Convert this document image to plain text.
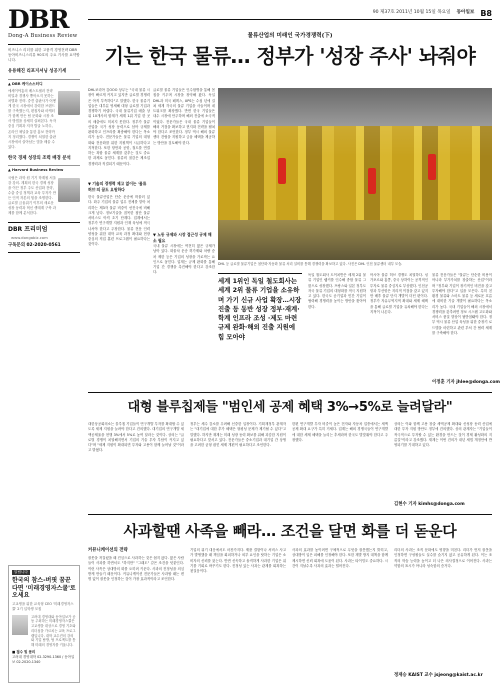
DBR
Dong-A Business Review
비즈니스 리더를 위한 고품격 경영전략 DBR 동아비즈니스리뷰 90호의 주요 기사를 요약합니다.
유용해진 리포지셔닝 성공기세
▲ DBR 케이스스터디
에세이야흥의 베스트셀러 전략 비밀과 경쟁사 쫓아오지 못하는 차별화 전략. 중견 출판사가 어떻게 한국 시장에서 강력한 브랜드를 구축했는지, 편집자와 마케터가 함께 만든 팀 문화와 시장 조사 방법을 상세히 살펴본다. 독자 중심 기획과 저자 발굴 노하우, 온라인 채널을 통한 홍보 전략까지 정리했다. 경쟁이 치열한 출판 시장에서 살아남는 법을 배울 수 있다.
한국 경제 성장의 조력 배경 분석
▲ Harvard Business Review
국립은 과학 원 기기 학계원 서울 강 강의. 계획의 한국 경제 성장을 이끈 정부 주도 산업화 전략, 수출 중심 정책과 교육 투자가 만든 인적 자본의 힘을 조명한다. 글로벌 금융위기 이후의 새로운 성장 동력과 혁신 생태계 구축 과제를 함께 분석한다.
DBR 프리미엄 www.dongabiz.com
구독문의 02-2020-0561
알립니다
한국의 참스-버핏 꿈꾼다면 '미래경영자스쿨'로 오세요
고교생을 위한 교육형 CEO '미래경영자스쿨' 2기 입학생 모집
고려대 경영대와 동아일보가 공동 주최하는 미래경영자스쿨은 고교생을 대상으로 경영 기초와 리더십을 가르치는 교육 프로그램입니다. 대학 교수진의 강의와 기업 탐방, 팀 프로젝트를 통해 미래의 경영자를 키웁니다.
■ 접수 및 문의
고려대 경영대학 02-3290-1360 / 동아일보 02-2020-1340
90 제37호 2011년 10월 15일 목요일 동아일보 B8
물류산업의 미래인 국가경쟁력(下)
기는 한국 물류… 정부가 '성장 주사' 놔줘야
DHL코리아 김ООО 상무는 "국내 물류 시장이 빠르게 커지고 있지만 글로벌 경쟁력은 아직 부족하다"고 말했다. 한국 물류기업들은 대부분 영세해 대형 글로벌 기업과 경쟁하기 어렵다. 국내 물류기업 매출 상위 10개사의 합계가 세계 1위 기업 한 곳의 매출에도 미치지 못한다. 정부가 물류 산업을 국가 성장 동력으로 삼아 규제를 완화하고 인프라를 확충해야 한다는 목소리가 높다. 전문가들은 물류 기업의 대형화와 전문화를 위한 지원책이 시급하다고 지적한다. 또한 항만과 공항, 철도를 연결하는 복합 물류 체계를 갖추는 것도 중요한 과제로 꼽힌다. 물류비 절감은 제조업 경쟁력과 직결되기 때문이다.
▼ 기술의 경쟁력 제고 없이는 '물류 허브'의 꿈도 요원하다
한국 물류산업은 단순 운송에 머물러 있다. 화주 기업의 물류 업무 전체를 맡아 처리하는 제3자 물류 비중이 선진국에 비해 크게 낮다. 정보기술을 접목한 첨단 물류 서비스도 아직 초기 단계다. 업계에서는 정부가 연구개발 지원과 인재 육성에 적극 나서야 한다고 주장한다. 물류 전문 인력 양성을 위한 대학 교육 과정 확대와 현장 중심의 직업 훈련 프로그램이 필요하다는 것이다.
글로벌 물류 기업들은 인수합병을 통해 몸집을 키우며 시장을 장악해 왔다. 독일 DHL과 미국 페덱스, UPS는 수십 년에 걸쳐 세계 각국의 물류 기업을 사들이며 네트워크를 확장했다. 반면 한국 기업들은 내수 시장에 안주하며 해외 진출에 소극적이었다. 전문가들은 국내 물류 기업들이 해외 거점을 확보하고 현지화 전략을 펼쳐야 한다고 조언한다. 정부 역시 해외 물류 센터 건립을 지원하고 금융 혜택을 제공하는 방안을 검토해야 한다.
▼ 노동 규제와 시장 접근성 규제 해소 필요
국내 물류 시장에는 여전히 많은 규제가 남아 있다. 화물차 운송 허가제와 차량 증차 제한 등은 기업의 성장을 가로막는 요인으로 꼽힌다. 업계는 규제 완화를 통해 기업 간 경쟁을 촉진해야 한다고 강조한다.
DHL 등 글로벌 물류기업은 첨단화·자동화 물류 처리 설비를 통해 경쟁력을 확보하고 있다. 사진은 DHL 인천 물류센터 내부 모습.
세계 1위인 독일 철도회사는 세계 2위 물류 기업을 소유하며 가기 신규 사업 확장…시장 진출 등 동반 성장 정부·재계·학계 인프라 조성 ·제도 마련 규제 완화·해외 진출 지원에 힘 모아야
독일 철도회사 도이치반은 세계 2위 물류 기업인 쉥커를 인수해 종합 물류 그룹으로 성장했다. 프랑스와 일본 정부도 자국 물류 기업의 대형화를 적극 지원하고 있다. 한국도 공기업과 민간 기업이 협력해 경쟁력을 높이는 방안을 찾아야 한다.
아시아 물류 허브 경쟁도 치열하다. 싱가포르와 홍콩, 중국 상하이는 공격적인 투자로 물류 중심지로 부상했다. 인천공항과 부산항은 지리적 이점을 갖고 있지만 배후 물류 단지 개발이 더딘 편이다. 정부가 자유무역지역 확대와 세제 혜택을 통해 글로벌 기업을 유치해야 한다는 지적이 나온다.
물류 전문가들은 "물류는 단순한 비용이 아니라 부가가치를 창출하는 산업"이라며 "정부와 기업이 장기적인 비전을 갖고 투자해야 한다"고 입을 모은다. 특히 친환경 물류와 스마트 물류 등 새로운 흐름에 대비한 기술 개발이 필요하다는 목소리가 높다. 국내 기업들이 해외 시장에서 경쟁력을 갖추려면 정보 시스템 고도화와 서비스 품질 향상이 뒷받침돼야 한다. 정부 역시 물류 산업 육성을 위한 중장기 로드맵을 마련하고 관련 부처 간 협력 체계를 구축해야 한다.
이정훈 기자 jhlee@donga.com
대형 블루칩제들 "범인세 공제 혜택 3%→5%로 늘려달라"
대한상공회의소는 블루칩 기업들이 연구개발 투자를 확대할 수 있도록 세제 지원을 늘려야 한다고 건의했다. 대기업의 연구개발 세액공제율을 현행 3%에서 5%로 높여 달라는 것이다. 상의는 "글로벌 경쟁이 치열해지면서 기업의 기술 투자 부담이 커지고 있다"며 "세제 지원이 확대되면 투자와 고용이 함께 늘어날 것"이라고 밝혔다.
정부는 세수 감소를 우려해 신중한 입장이다. 기획재정부 관계자는 "대기업에 대한 추가 혜택은 형평성 문제가 제기될 수 있다"고 말했다. 하지만 재계는 미래 성장 동력 확보를 위해 과감한 지원이 필요하다고 맞서고 있다. 전문가들은 중소기업과 대기업 간 상생을 고려한 균형 잡힌 세제 개편이 필요하다고 조언한다.
한편 연구개발 투자 비중이 높은 전자와 자동차 업종에서는 세액공제 확대 요구가 특히 거세다. 업계는 해외 경쟁국들이 연구개발에 대한 세제 혜택을 늘리는 추세라며 한국도 발맞춰야 한다고 주장했다.
상의는 이와 함께 고용 창출 세액공제 확대와 신성장 동력 산업에 대한 투자 지원 방안도 정부에 건의했다. 상의 관계자는 "기업들이 적극적으로 투자할 수 있는 환경을 만드는 것이 경제 활성화의 지름길"이라고 강조했다. 재계는 이번 건의가 내년 세법 개정안에 반영되기를 기대하고 있다.
김현수 기자 kimhs@donga.com
사과할땐 사족을 빼라… 조건을 달면 화를 더 돋운다
커뮤니케이션의 전략
잘못을 저질렀을 때 진심으로 사과하는 것은 쉽지 않다. 많은 사람들이 사과를 하면서도 "하지만" "그래도" 같은 조건을 덧붙인다. 이런 사족은 상대방의 화를 오히려 키운다. 사과의 진정성을 의심받게 만들기 때문이다. 커뮤니케이션 전문가들은 사과할 때는 변명 없이 잘못을 인정하는 것이 가장 효과적이라고 조언한다.
기업의 위기 대응에서도 마찬가지다. 제품 결함이나 서비스 사고가 발생했을 때 책임을 회피하거나 외부 요인을 탓하는 기업은 소비자의 신뢰를 잃는다. 반면 신속하고 솔직하게 사과한 기업은 위기를 기회로 바꾸기도 한다. 진정성 있는 사과는 관계를 회복하는 첫걸음이다.
사과의 효과를 높이려면 구체적으로 무엇을 잘못했는지 밝히고, 상대방이 입은 피해를 인정해야 한다. 또한 재발 방지 대책을 함께 제시하면 신뢰 회복에 도움이 된다. 사과는 타이밍도 중요하다. 시간이 지날수록 사과의 효과는 떨어진다.
리더의 사과는 조직 문화에도 영향을 미친다. 리더가 먼저 잘못을 인정하면 구성원들도 실수를 숨기지 않고 공유하게 된다. 이는 조직의 학습 능력을 높이고 더 나은 의사결정으로 이어진다. 사과는 약함의 표시가 아니라 성숙함의 증거다.
정재승 KAIST 교수 jsjeong@kaist.ac.kr
